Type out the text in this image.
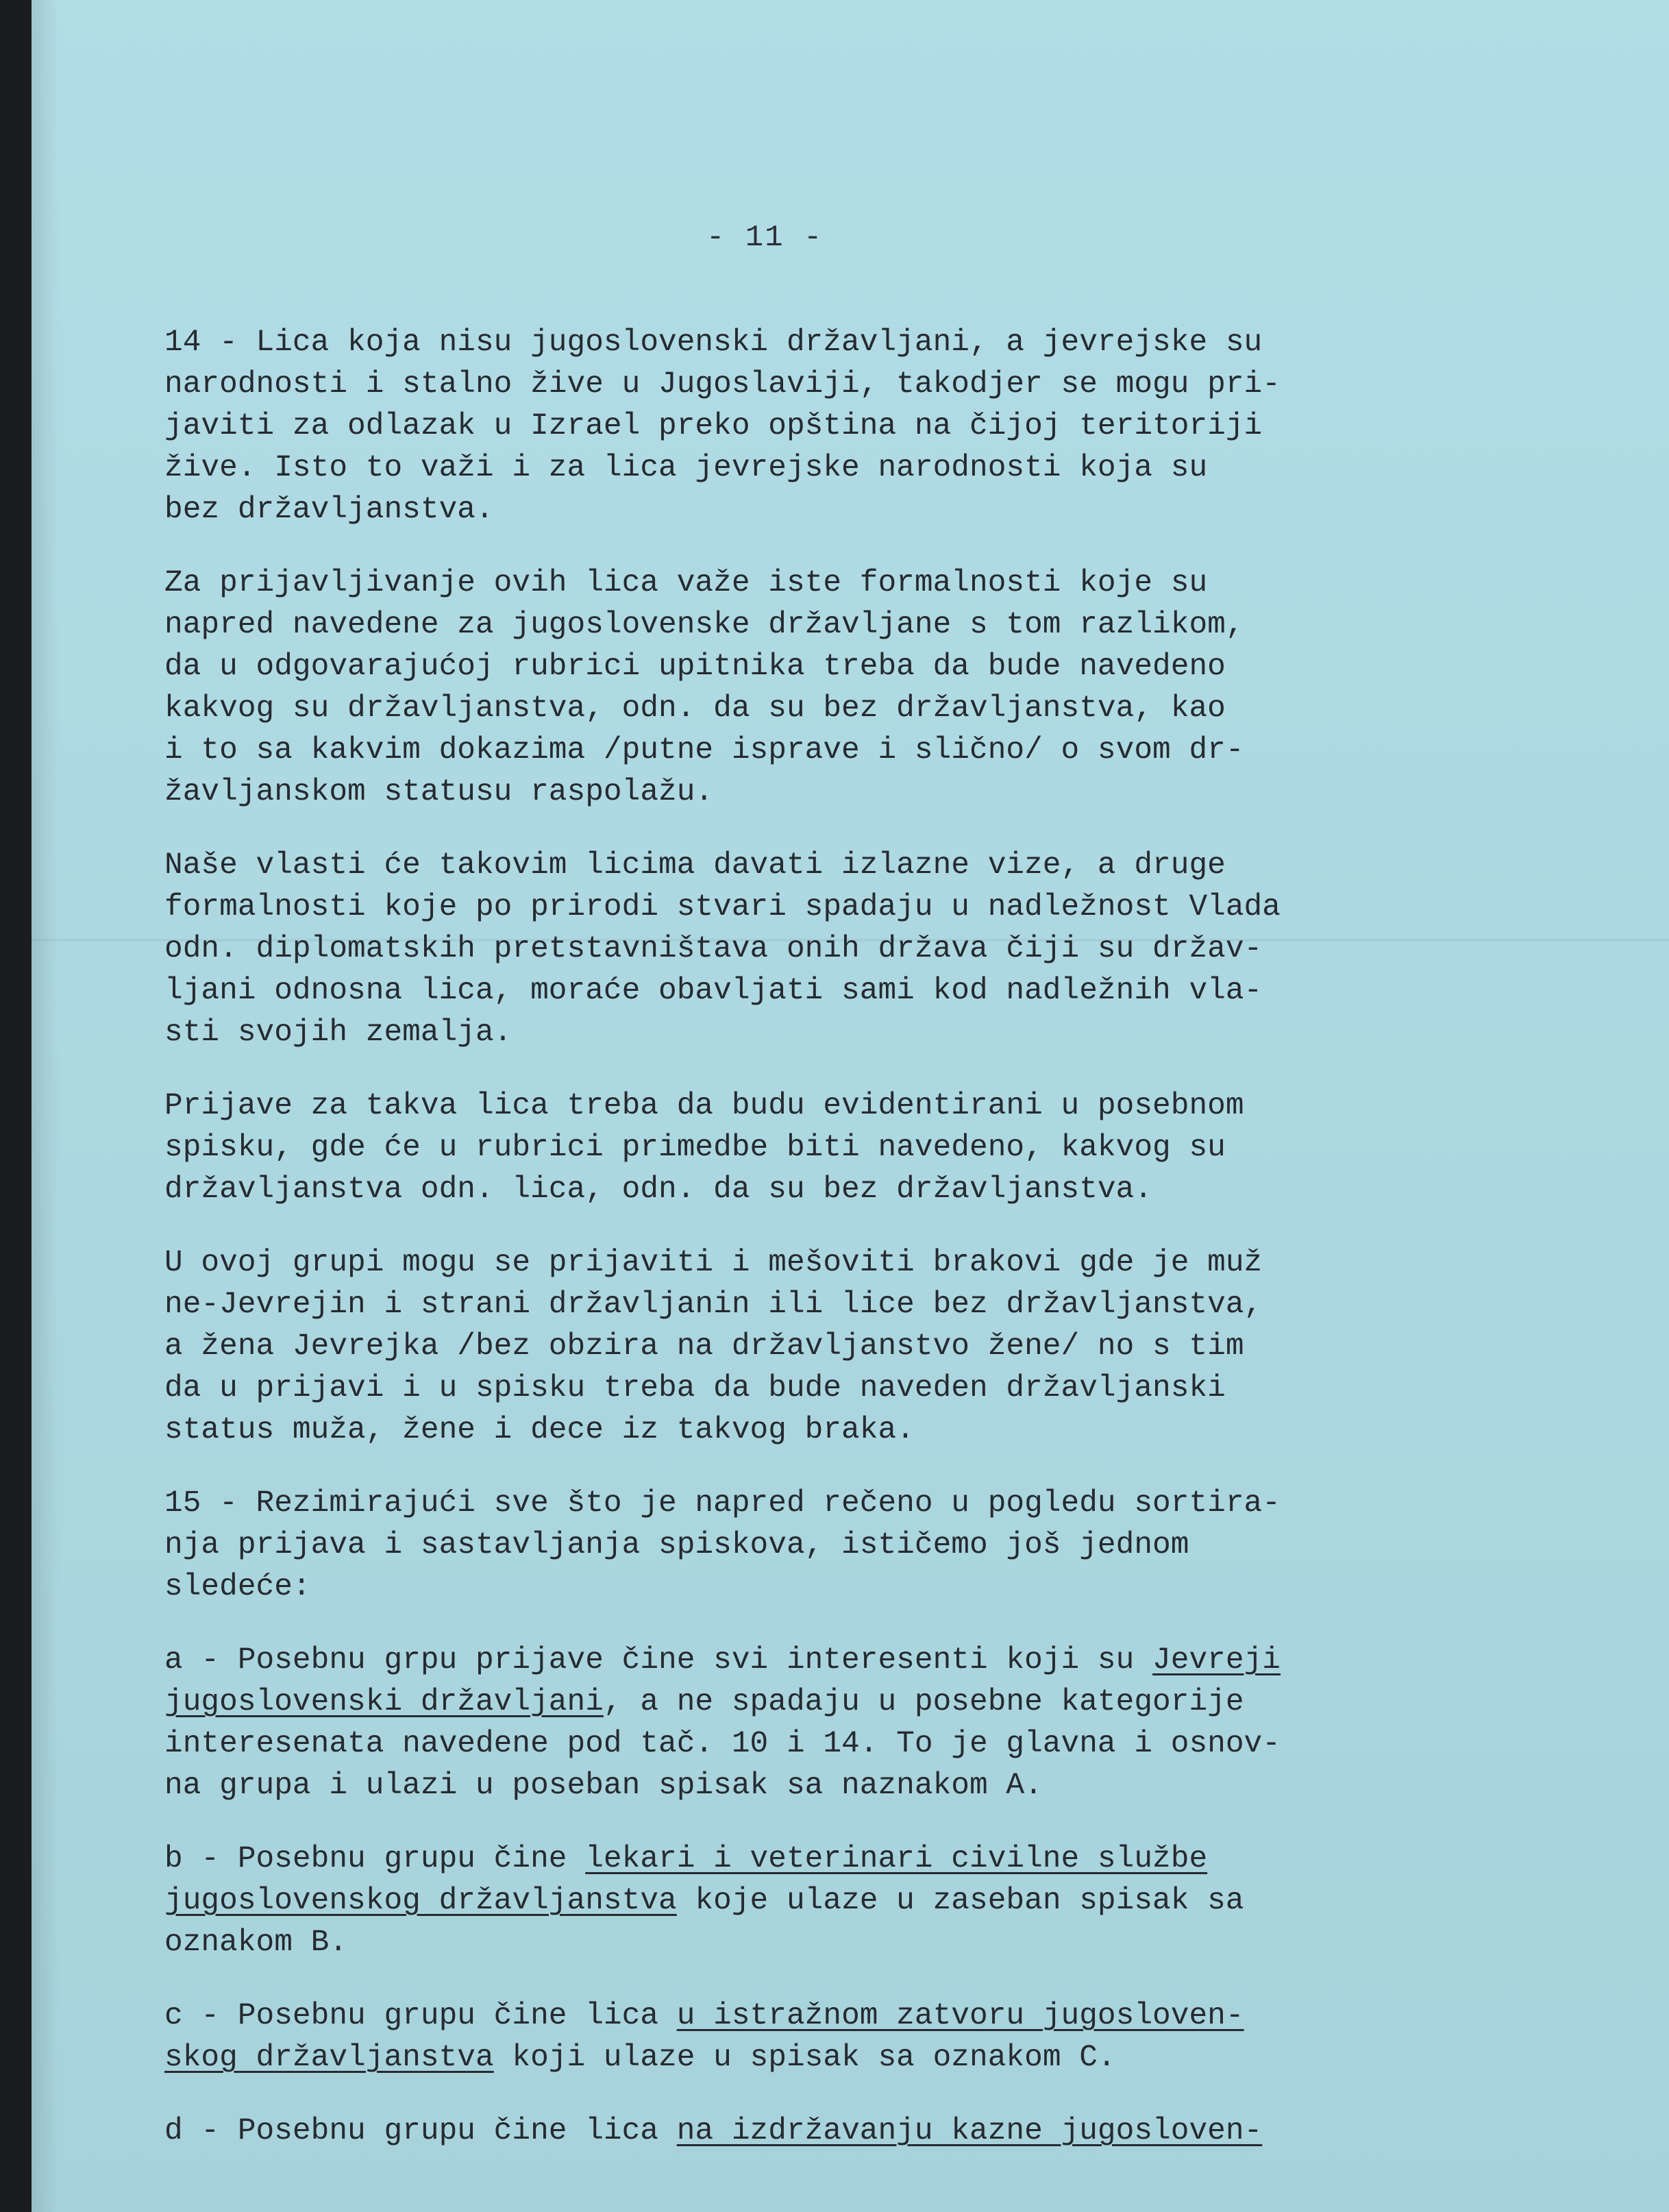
- 11 -

14 - Lica koja nisu jugoslovenski državljani, a jevrejske su
narodnosti i stalno žive u Jugoslaviji, takodjer se mogu pri-
javiti za odlazak u Izrael preko opština na čijoj teritoriji
žive. Isto to važi i za lica jevrejske narodnosti koja su
bez državljanstva.
Za prijavljivanje ovih lica važe iste formalnosti koje su
napred navedene za jugoslovenske državljane s tom razlikom,
da u odgovarajućoj rubrici upitnika treba da bude navedeno
kakvog su državljanstva, odn. da su bez državljanstva, kao
i to sa kakvim dokazima /putne isprave i slično/ o svom dr-
žavljanskom statusu raspolažu.
Naše vlasti će takovim licima davati izlazne vize, a druge
formalnosti koje po prirodi stvari spadaju u nadležnost Vlada
odn. diplomatskih pretstavništava onih država čiji su držav-
ljani odnosna lica, moraće obavljati sami kod nadležnih vla-
sti svojih zemalja.
Prijave za takva lica treba da budu evidentirani u posebnom
spisku, gde će u rubrici primedbe biti navedeno, kakvog su
državljanstva odn. lica, odn. da su bez državljanstva.
U ovoj grupi mogu se prijaviti i mešoviti brakovi gde je muž
ne-Jevrejin i strani državljanin ili lice bez državljanstva,
a žena Jevrejka /bez obzira na državljanstvo žene/ no s tim
da u prijavi i u spisku treba da bude naveden državljanski
status muža, žene i dece iz takvog braka.
15 - Rezimirajući sve što je napred rečeno u pogledu sortira-
nja prijava i sastavljanja spiskova, ističemo još jednom
sledeće:
a - Posebnu grpu prijave čine svi interesenti koji su Jevreji
jugoslovenski državljani, a ne spadaju u posebne kategorije
interesenata navedene pod tač. 10 i 14. To je glavna i osnov-
na grupa i ulazi u poseban spisak sa naznakom A.
b - Posebnu grupu čine lekari i veterinari civilne službe
jugoslovenskog državljanstva koje ulaze u zaseban spisak sa
oznakom B.
c - Posebnu grupu čine lica u istražnom zatvoru jugosloven-
skog državljanstva koji ulaze u spisak sa oznakom C.
d - Posebnu grupu čine lica na izdržavanju kazne jugosloven-
